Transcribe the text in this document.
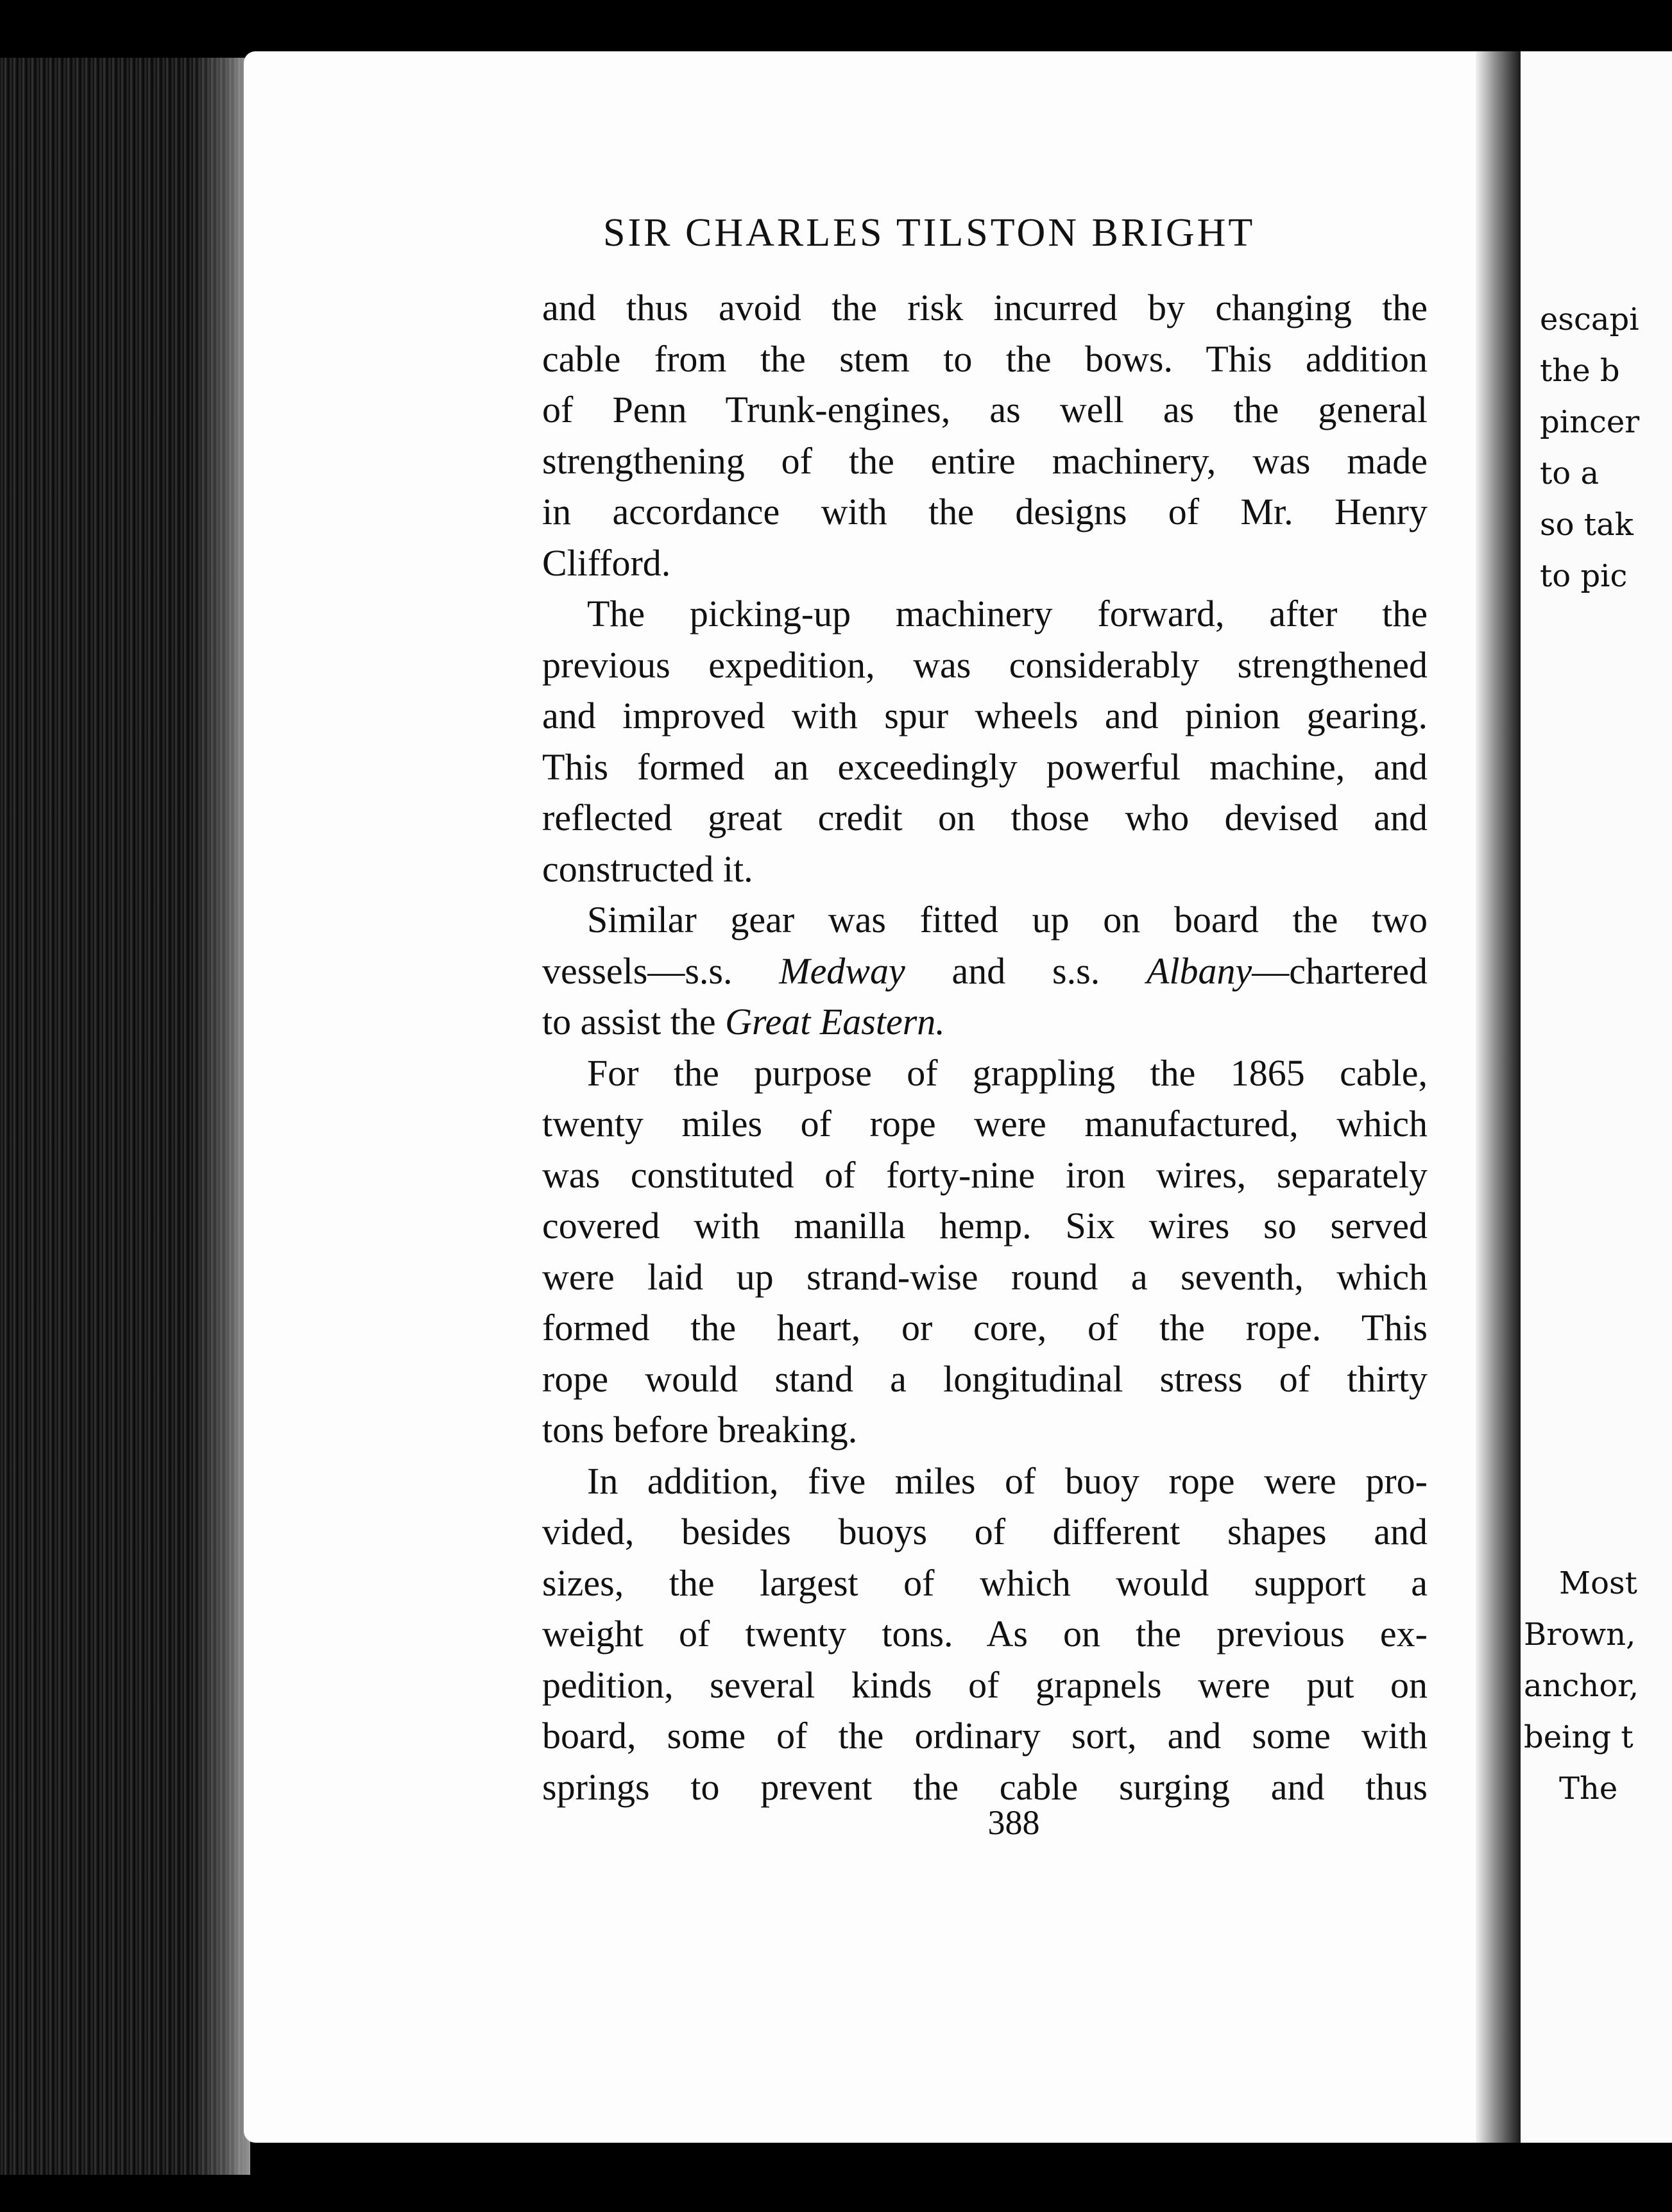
SIR CHARLES TILSTON BRIGHT
and thus avoid the risk incurred by changing the
cable from the stem to the bows. This addition
of Penn Trunk-engines, as well as the general
strengthening of the entire machinery, was made
in accordance with the designs of Mr. Henry
Clifford.
The picking-up machinery forward, after the
previous expedition, was considerably strengthened
and improved with spur wheels and pinion gearing.
This formed an exceedingly powerful machine, and
reflected great credit on those who devised and
constructed it.
Similar gear was fitted up on board the two
vessels—s.s. Medway and s.s. Albany—chartered
to assist the Great Eastern.
For the purpose of grappling the 1865 cable,
twenty miles of rope were manufactured, which
was constituted of forty-nine iron wires, separately
covered with manilla hemp. Six wires so served
were laid up strand-wise round a seventh, which
formed the heart, or core, of the rope. This
rope would stand a longitudinal stress of thirty
tons before breaking.
In addition, five miles of buoy rope were pro-
vided, besides buoys of different shapes and
sizes, the largest of which would support a
weight of twenty tons. As on the previous ex-
pedition, several kinds of grapnels were put on
board, some of the ordinary sort, and some with
springs to prevent the cable surging and thus
388
escapi
the b
pincer
to a
so tak
to pic
Most
Brown,
anchor,
being t
The
